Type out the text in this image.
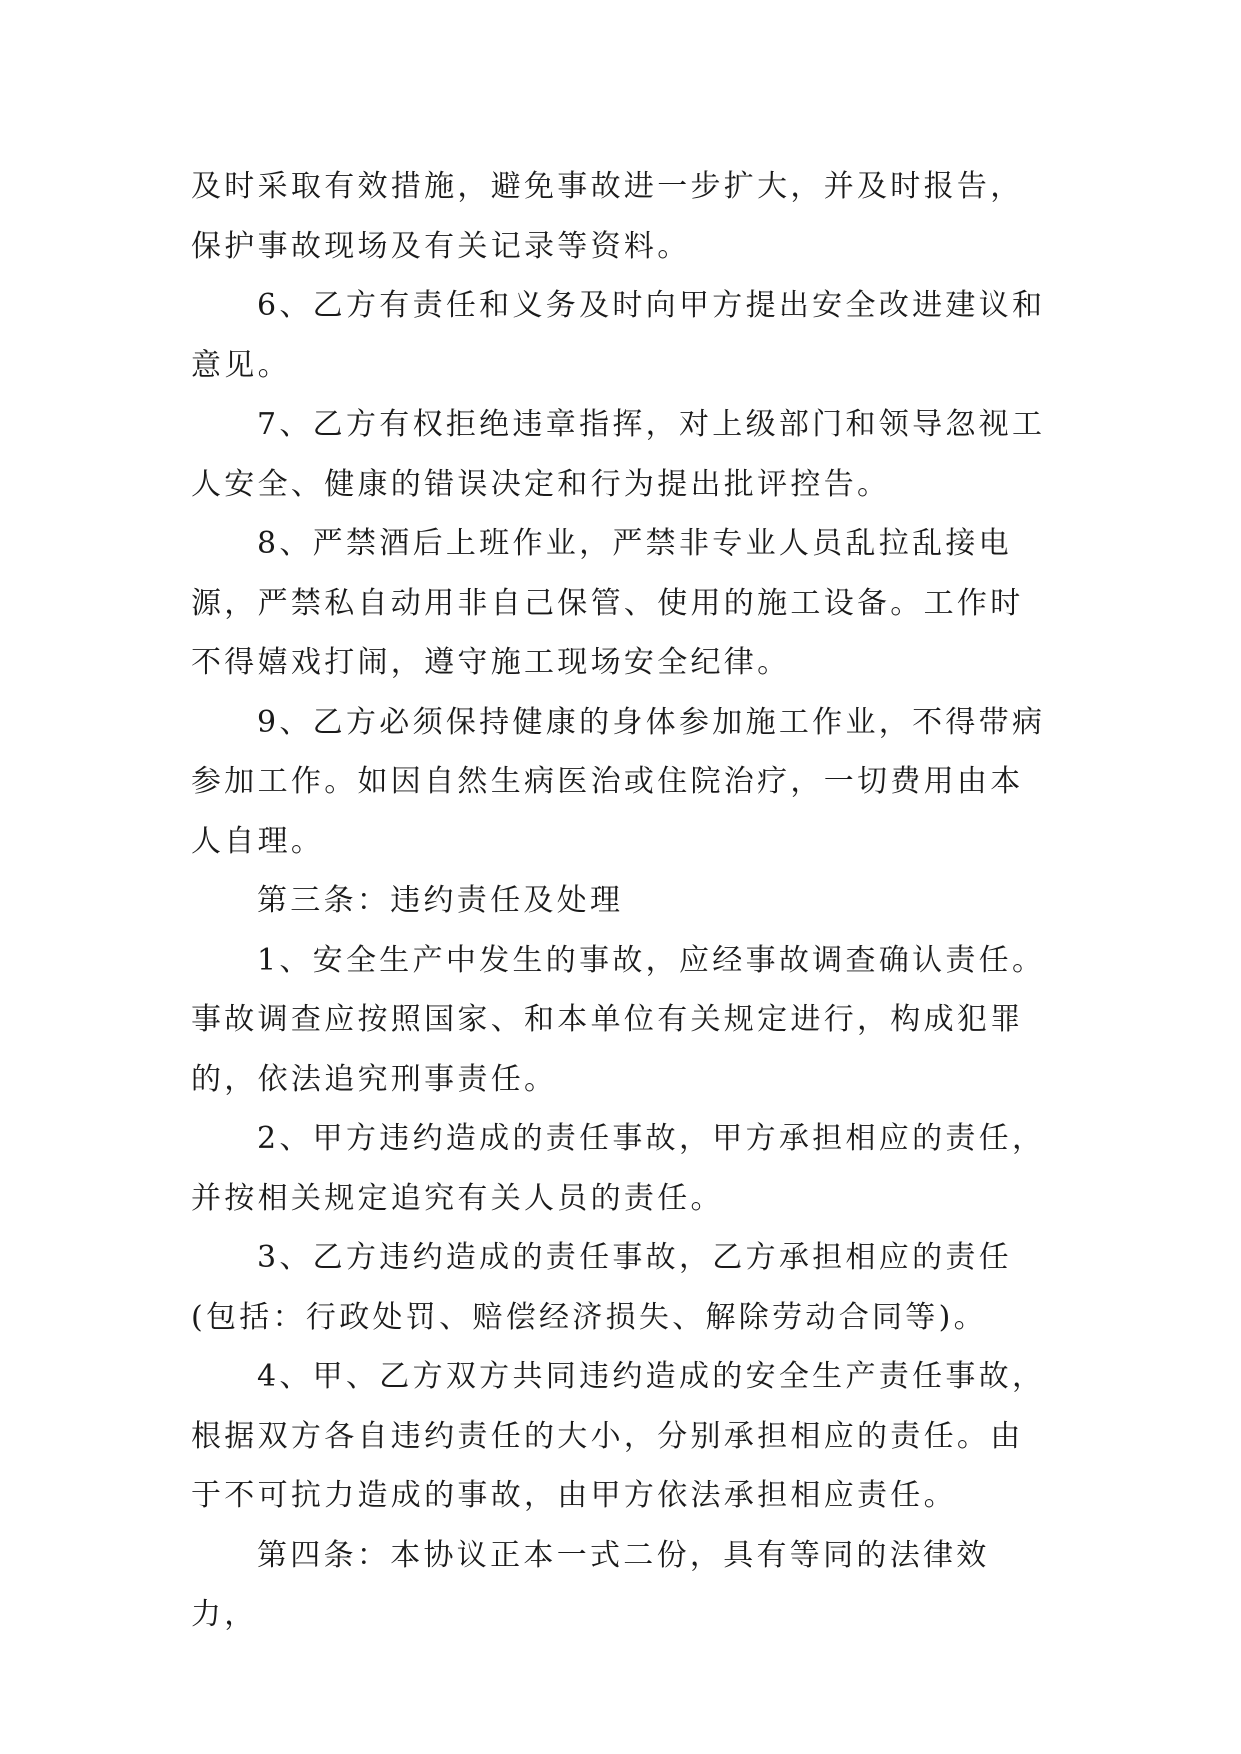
及时采取有效措施，避免事故进一步扩大，并及时报告，保护事故现场及有关记录等资料。

6、乙方有责任和义务及时向甲方提出安全改进建议和意见。

7、乙方有权拒绝违章指挥，对上级部门和领导忽视工人安全、健康的错误决定和行为提出批评控告。

8、严禁酒后上班作业，严禁非专业人员乱拉乱接电源，严禁私自动用非自己保管、使用的施工设备。工作时不得嬉戏打闹，遵守施工现场安全纪律。

9、乙方必须保持健康的身体参加施工作业，不得带病参加工作。如因自然生病医治或住院治疗，一切费用由本人自理。

第三条：违约责任及处理

1、安全生产中发生的事故，应经事故调查确认责任。事故调查应按照国家、和本单位有关规定进行，构成犯罪的，依法追究刑事责任。

2、甲方违约造成的责任事故，甲方承担相应的责任，并按相关规定追究有关人员的责任。

3、乙方违约造成的责任事故，乙方承担相应的责任(包括：行政处罚、赔偿经济损失、解除劳动合同等)。

4、甲、乙方双方共同违约造成的安全生产责任事故，根据双方各自违约责任的大小，分别承担相应的责任。由于不可抗力造成的事故，由甲方依法承担相应责任。

第四条：本协议正本一式二份，具有等同的法律效力，
